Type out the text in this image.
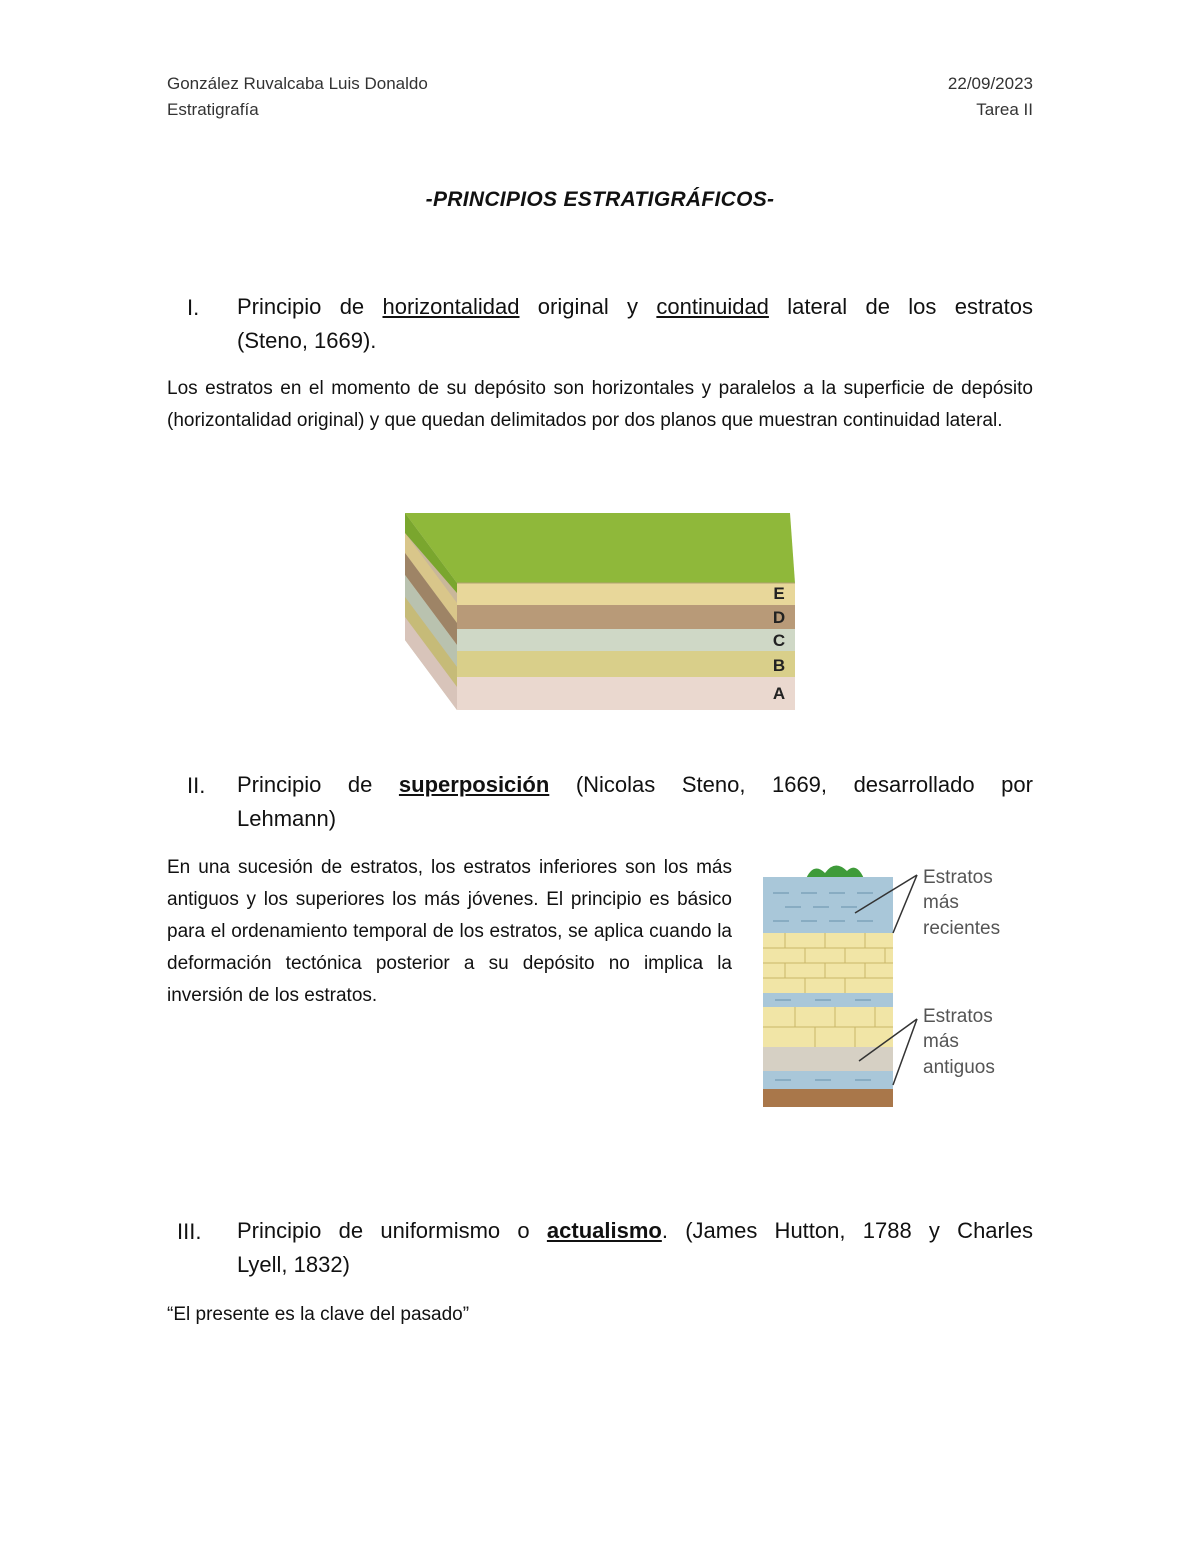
González Ruvalcaba Luis Donaldo	22/09/2023
Estratigrafía	Tarea II
-PRINCIPIOS ESTRATIGRÁFICOS-
I. Principio de horizontalidad original y continuidad lateral de los estratos
(Steno, 1669).
Los estratos en el momento de su depósito son horizontales y paralelos a la superficie de depósito (horizontalidad original) y que quedan delimitados por dos planos que muestran continuidad lateral.
E
D
C
B
A
II. Principio de superposición (Nicolas Steno, 1669, desarrollado por
Lehmann)
En una sucesión de estratos, los estratos inferiores son los más antiguos y los superiores los más jóvenes. El principio es básico para el ordenamiento temporal de los estratos, se aplica cuando la deformación tectónica posterior a su depósito no implica la inversión de los estratos.
Estratos
más
recientes
Estratos
más
antiguos
III. Principio de uniformismo o actualismo. (James Hutton, 1788 y Charles
Lyell, 1832)
“El presente es la clave del pasado”
